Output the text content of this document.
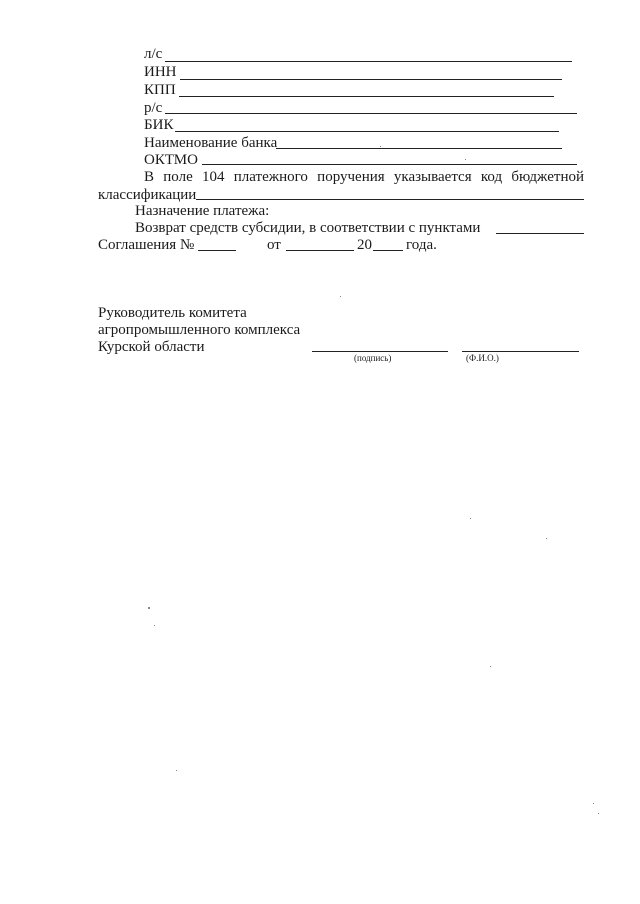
л/с
ИНН
КПП
р/с
БИК
Наименование банка
ОКТМО
В поле 104 платежного поручения указывается код бюджетной
классификации
Назначение платежа:
Возврат средств субсидии, в соответствии с пунктами
Соглашения №	от	20 года.
Руководитель комитета
агропромышленного комплекса
Курской области
(подпись)	(Ф.И.О.)
